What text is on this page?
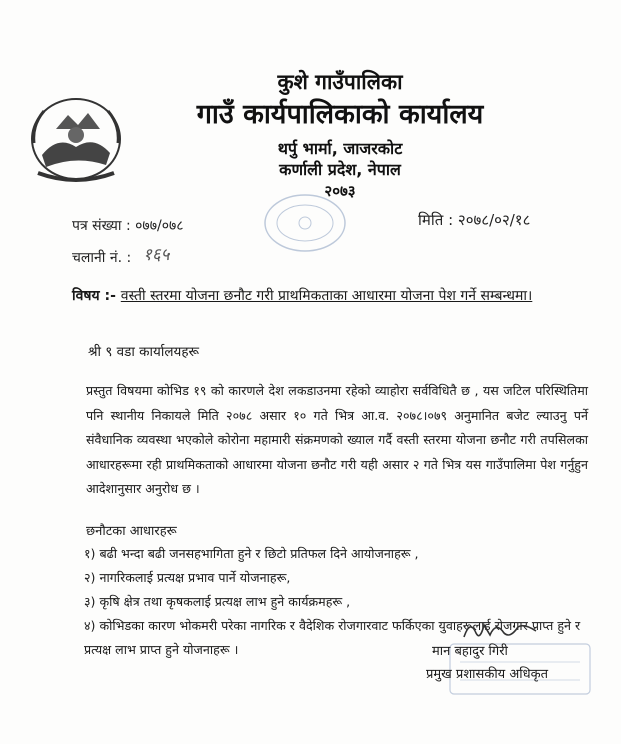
कुशे गाउँपालिका
गाउँ कार्यपालिकाको कार्यालय
थर्पु भार्मा, जाजरकोट
कर्णाली प्रदेश, नेपाल
२०७३
पत्र संख्या : ०७७/०७८	मिति : २०७८/०२/१८
चलानी नं. : १६५
विषय :- वस्ती स्तरमा योजना छनौट गरी प्राथमिकताका आधारमा योजना पेश गर्ने सम्बन्धमा।
श्री ९ वडा कार्यालयहरू
प्रस्तुत विषयमा कोभिड १९ को कारणले देश लकडाउनमा रहेको व्याहोरा सर्वविधितै छ , यस जटिल परिस्थितिमा पनि स्थानीय निकायले मिति २०७८ असार १० गते भित्र आ.व. २०७८।०७९ अनुमानित बजेट ल्याउनु पर्ने संवैधानिक व्यवस्था भएकोले कोरोना महामारी संक्रमणको ख्याल गर्दै वस्ती स्तरमा योजना छनौट गरी तपसिलका आधारहरूमा रही प्राथमिकताको आधारमा योजना छनौट गरी यही असार २ गते भित्र यस गाउँपालिमा पेश गर्नुहुन आदेशानुसार अनुरोध छ ।
छनौटका आधारहरू
१) बढी भन्दा बढी जनसहभागिता हुने र छिटो प्रतिफल दिने आयोजनाहरू ,
२) नागरिकलाई प्रत्यक्ष प्रभाव पार्ने योजनाहरू,
३) कृषि क्षेत्र तथा कृषकलाई प्रत्यक्ष लाभ हुने कार्यक्रमहरू ,
४) कोभिडका कारण भोकमरी परेका नागरिक र वैदेशिक रोजगारवाट फर्किएका युवाहरूलाई रोजगार प्राप्त हुने र प्रत्यक्ष लाभ प्राप्त हुने योजनाहरू ।	मान बहादुर गिरी
प्रमुख प्रशासकीय अधिकृत
